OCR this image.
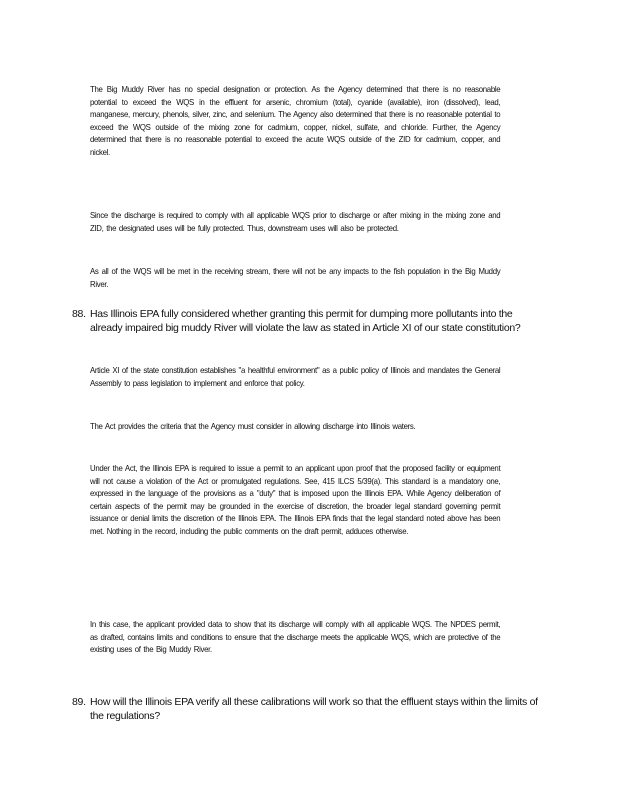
The Big Muddy River has no special designation or protection. As the Agency determined that there is no reasonable potential to exceed the WQS in the effluent for arsenic, chromium (total), cyanide (available), iron (dissolved), lead, manganese, mercury, phenols, silver, zinc, and selenium. The Agency also determined that there is no reasonable potential to exceed the WQS outside of the mixing zone for cadmium, copper, nickel, sulfate, and chloride. Further, the Agency determined that there is no reasonable potential to exceed the acute WQS outside of the ZID for cadmium, copper, and nickel.

Since the discharge is required to comply with all applicable WQS prior to discharge or after mixing in the mixing zone and ZID, the designated uses will be fully protected. Thus, downstream uses will also be protected.

As all of the WQS will be met in the receiving stream, there will not be any impacts to the fish population in the Big Muddy River.

88. Has Illinois EPA fully considered whether granting this permit for dumping more pollutants into the already impaired big muddy River will violate the law as stated in Article XI of our state constitution?

Article XI of the state constitution establishes "a healthful environment" as a public policy of Illinois and mandates the General Assembly to pass legislation to implement and enforce that policy.

The Act provides the criteria that the Agency must consider in allowing discharge into Illinois waters.

Under the Act, the Illinois EPA is required to issue a permit to an applicant upon proof that the proposed facility or equipment will not cause a violation of the Act or promulgated regulations. See, 415 ILCS 5/39(a). This standard is a mandatory one, expressed in the language of the provisions as a "duty" that is imposed upon the Illinois EPA. While Agency deliberation of certain aspects of the permit may be grounded in the exercise of discretion, the broader legal standard governing permit issuance or denial limits the discretion of the Illinois EPA. The Illinois EPA finds that the legal standard noted above has been met. Nothing in the record, including the public comments on the draft permit, adduces otherwise.

In this case, the applicant provided data to show that its discharge will comply with all applicable WQS. The NPDES permit, as drafted, contains limits and conditions to ensure that the discharge meets the applicable WQS, which are protective of the existing uses of the Big Muddy River.

89. How will the Illinois EPA verify all these calibrations will work so that the effluent stays within the limits of the regulations?
